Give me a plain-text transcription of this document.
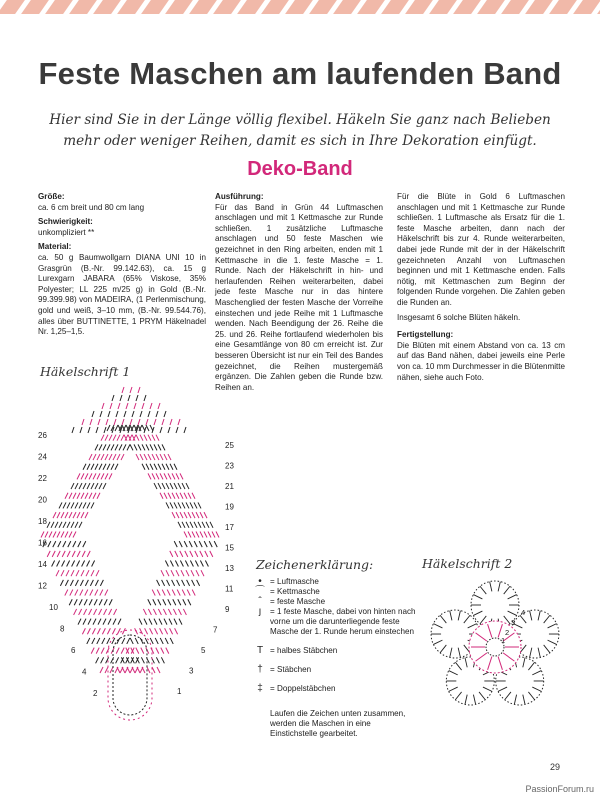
Feste Maschen am laufenden Band

Hier sind Sie in der Länge völlig flexibel. Häkeln Sie ganz nach Belieben mehr oder weniger Reihen, damit es sich in Ihre Dekoration einfügt.

Deko-Band

Größe:
ca. 6 cm breit und 80 cm lang

Schwierigkeit:
unkompliziert **

Material:
ca. 50 g Baumwollgarn DIANA UNI 10 in Grasgrün (B.-Nr. 99.142.63), ca. 15 g Lurexgarn JABARA (65% Viskose, 35% Polyester; LL 225 m/25 g) in Gold (B.-Nr. 99.399.98) von MADEIRA, (1 Perlenmischung, gold und weiß, 3–10 mm, (B.-Nr. 99.544.76), alles über BUTTINETTE, 1 PRYM Häkelnadel Nr. 1,25–1,5.

Ausführung:
Für das Band in Grün 44 Luftmaschen anschlagen und mit 1 Kettmasche zur Runde schließen. 1 zusätzliche Luftmasche anschlagen und 50 feste Maschen wie gezeichnet in den Ring arbeiten, enden mit 1 Kettmasche in die 1. feste Masche = 1. Runde. Nach der Häkelschrift in hin- und herlaufenden Reihen weiterarbeiten, dabei jede feste Masche nur in das hintere Maschenglied der festen Masche der Vorreihe einstechen und jede Reihe mit 1 Luftmasche wenden. Nach Beendigung der 26. Reihe die 25. und 26. Reihe fortlaufend wiederholen bis eine Gesamtlänge von 80 cm erreicht ist. Zur besseren Übersicht ist nur ein Teil des Bandes gezeichnet, die Reihen mustergemäß ergänzen. Die Zahlen geben die Runde bzw. Reihen an.

Für die Blüte in Gold 6 Luftmaschen anschlagen und mit 1 Kettmasche zur Runde schließen. 1 Luftmasche als Ersatz für die 1. feste Masche arbeiten, dann nach der Häkelschrift bis zur 4. Runde weiterarbeiten, dabei jede Runde mit der in der Häkelschrift gezeichneten Anzahl von Luftmaschen beginnen und mit 1 Kettmasche enden. Falls nötig, mit Kettmaschen zum Beginn der folgenden Runde vorgehen. Die Zahlen geben die Runden an.

Insgesamt 6 solche Blüten häkeln.

Fertigstellung:
Die Blüten mit einem Abstand von ca. 13 cm auf das Band nähen, dabei jeweils eine Perle von ca. 10 mm Durchmesser in die Blütenmitte nähen, siehe auch Foto.

Häkelschrift 1
Häkelschrift 2
Zeichenerklärung:
26
24
22
20
18
16
14
12
10
8
6
4
2
25
23
21
19
17
15
13
11
9
7
5
3
1
4
3
2
1
•	= Luftmasche
⌒ = Kettmasche
ˆ	= feste Masche
ȷ	= 1 feste Masche, dabei von hinten nach vorne um die darunterliegende feste Masche der 1. Runde herum einstechen
T = halbes Stäbchen
† = Stäbchen
‡ = Doppelstäbchen
Laufen die Zeichen unten zusammen, werden die Maschen in eine Einstichstelle gearbeitet.
29
PassionForum.ru
